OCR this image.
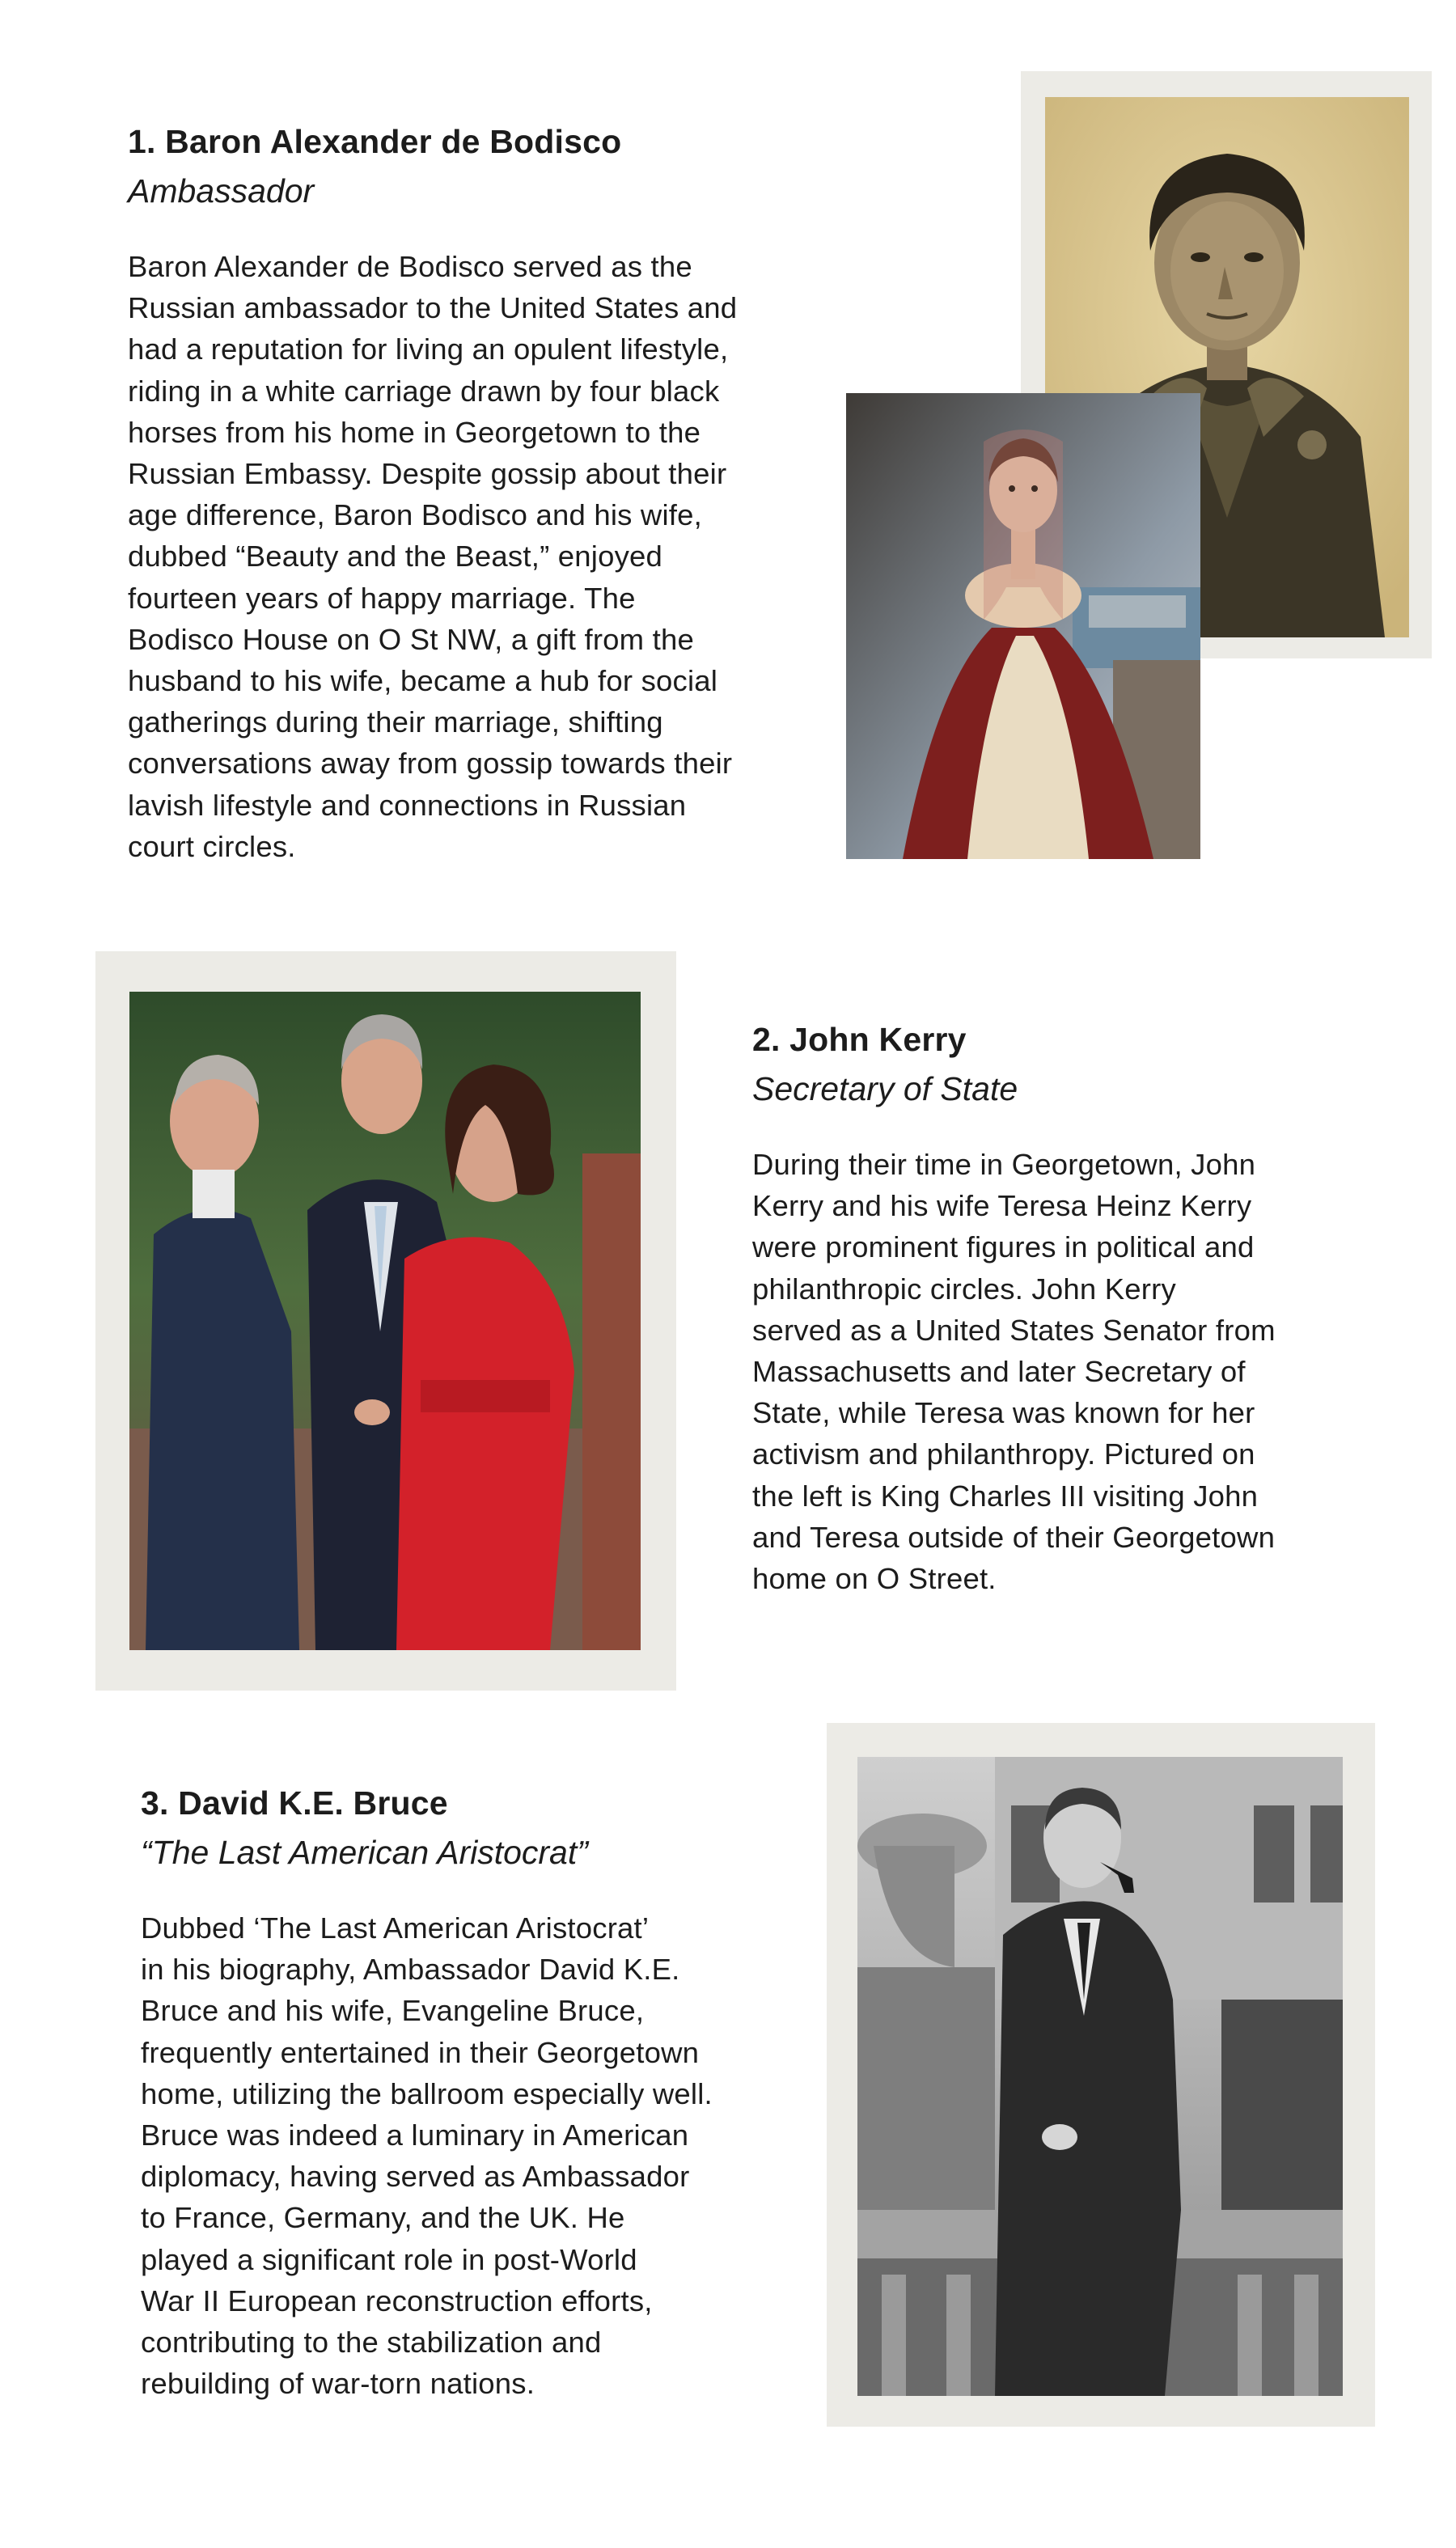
1. Baron Alexander de Bodisco
Ambassador
Baron Alexander de Bodisco served as the
Russian ambassador to the United States and
had a reputation for living an opulent lifestyle,
riding in a white carriage drawn by four black
horses from his home in Georgetown to the
Russian Embassy. Despite gossip about their
age difference, Baron Bodisco and his wife,
dubbed “Beauty and the Beast,” enjoyed
fourteen years of happy marriage. The
Bodisco House on O St NW, a gift from the
husband to his wife, became a hub for social
gatherings during their marriage, shifting
conversations away from gossip towards their
lavish lifestyle and connections in Russian
court circles.
2. John Kerry
Secretary of State
During their time in Georgetown, John
Kerry and his wife Teresa Heinz Kerry
were prominent figures in political and
philanthropic circles. John Kerry
served as a United States Senator from
Massachusetts and later Secretary of
State, while Teresa was known for her
activism and philanthropy. Pictured on
the left is King Charles III visiting John
and Teresa outside of their Georgetown
home on O Street.
3. David K.E. Bruce
“The Last American Aristocrat”
Dubbed ‘The Last American Aristocrat’
in his biography, Ambassador David K.E.
Bruce and his wife, Evangeline Bruce,
frequently entertained in their Georgetown
home, utilizing the ballroom especially well.
Bruce was indeed a luminary in American
diplomacy, having served as Ambassador
to France, Germany, and the UK. He
played a significant role in post-World
War II European reconstruction efforts,
contributing to the stabilization and
rebuilding of war-torn nations.
